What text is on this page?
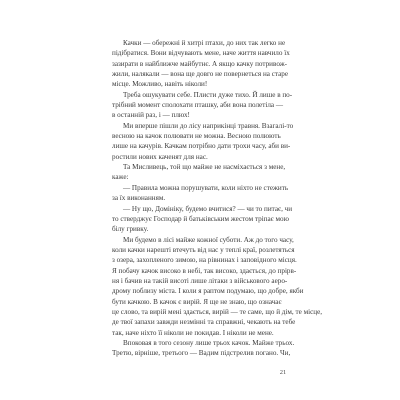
Качки — обережні й хитрі птахи, до них так легко не
підібратися. Вони відчувають мене, наче життя навчило їх
зазирати в найближче майбутнє. А якщо качку потривож-
жили, налякали — вона ще довго не повернеться на старе
місце. Можливо, навіть ніколи!
Треба ошукувати себе. Плисти дуже тихо. Й лише в по-
трібний момент сполохати пташку, аби вона полетіла —
в останній раз, і — плюх!
Ми вперше пішли до лісу наприкінці травня. Взагалі-то
весною на качок полювати не можна. Весною полюють
лише на качурів. Качкам потрібно дати трохи часу, аби ви-
ростили нових каченят для нас.
Та Мисливець, той що майже не насміхається з мене,
каже:
— Правила можна порушувати, коли ніхто не стежить
за їх виконанням.
— Ну що, Домініку, будемо вчитися? — чи то питає, чи
то стверджує Господар й батьківським жестом тріпає мою
білу гривку.
Ми будемо в лісі майже кожної суботи. Аж до того часу,
коли качки нарешті втечуть від нас у теплі краї, розлетяться
з озера, захопленого зимою, на рівнинах і заповідного місця.
Я побачу качок високо в небі, так високо, здається, до прірв-
ня і бачив на такій висоті лише літаки з військового аеро-
дрому поблизу міста. І коли я раптом подумаю, що добре, якби
бути качкою. В качок є вирій. Я ще не знаю, що означає
це слово, та вирій мені здається, вирій — те саме, що й дім, те місце,
де твої запахи завжди незмінні та справжні, чекають на тебе
так, наче ніхто її ніколи не покидав. І ніколи не мене.
Впоковая в того сезону лише трьох качок. Майже трьох.
Третю, вірніше, третього — Вадим підстрелив погано. Чи,
21
